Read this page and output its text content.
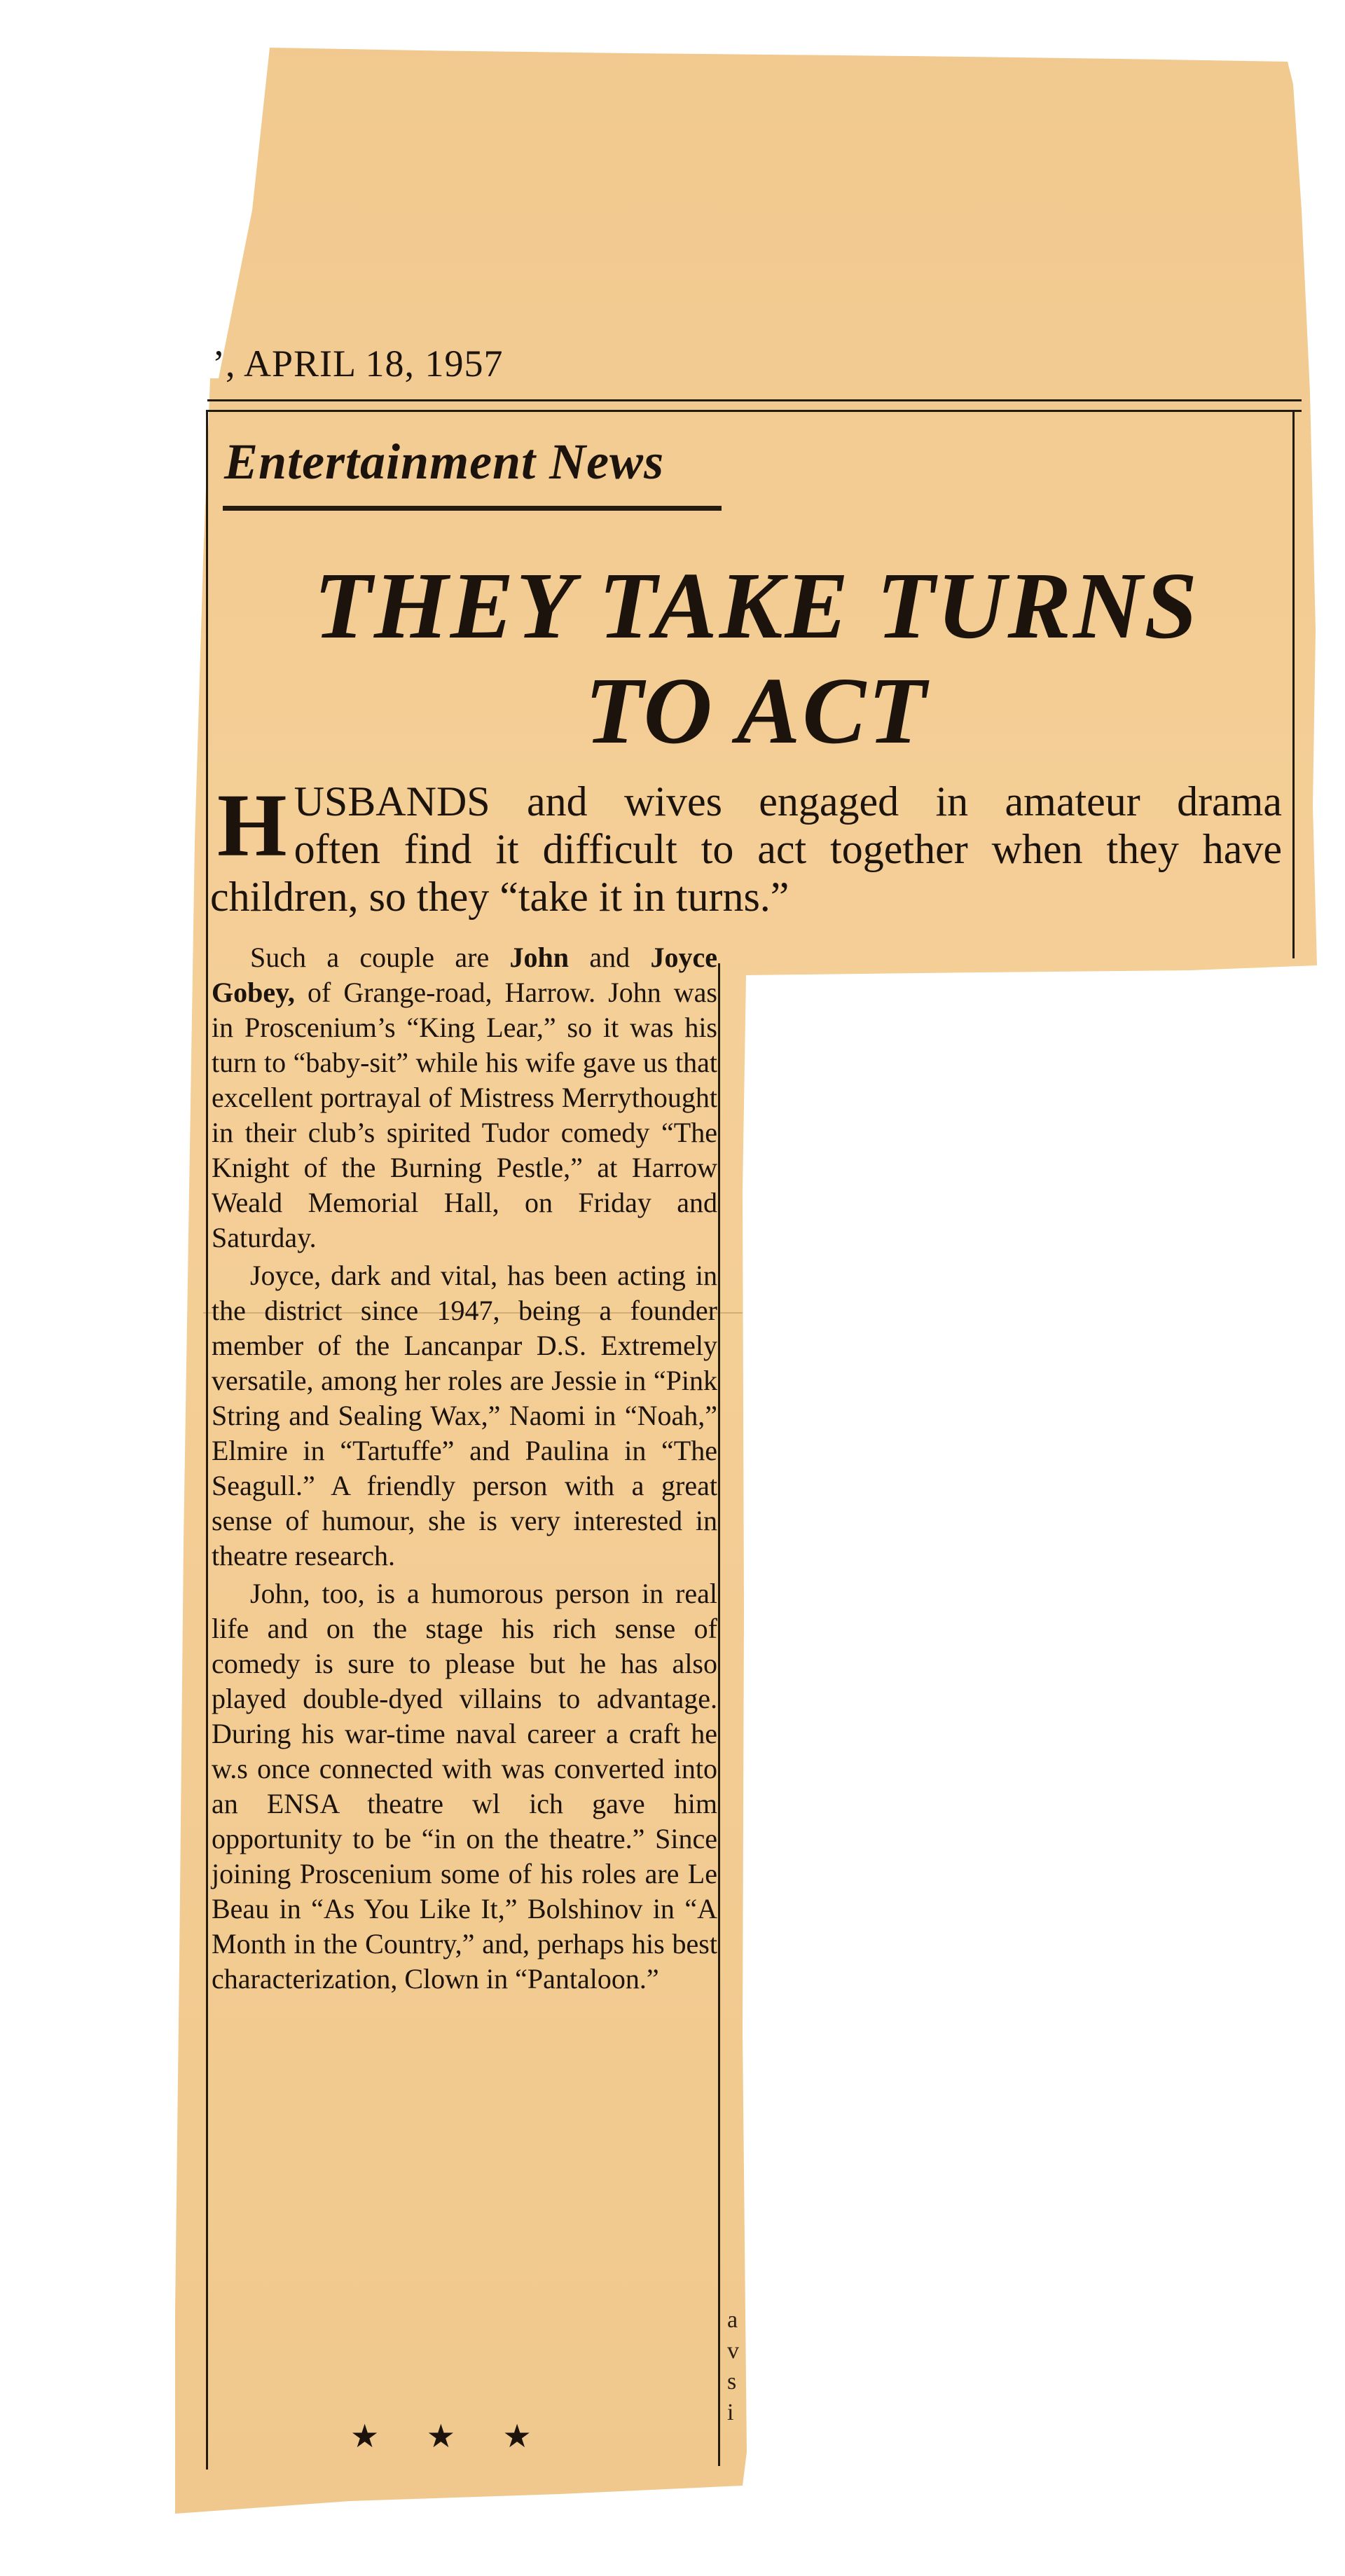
’, APRIL 18, 1957
Entertainment News
THEY TAKE TURNS
TO ACT
H USBANDS and wives engaged in amateur drama
often find it difficult to act together when they have
children, so they “take it in turns.”

Such a couple are John and Joyce Gobey, of Grange-road, Harrow. John was in Proscenium’s “King Lear,” so it was his turn to “baby-sit” while his wife gave us that excellent portrayal of Mistress Merrythought in their club’s spirited Tudor comedy “The Knight of the Burning Pestle,” at Harrow Weald Memorial Hall, on Friday and Saturday.

Joyce, dark and vital, has been acting in the district since 1947, being a founder member of the Lancanpar D.S. Extremely versatile, among her roles are Jessie in “Pink String and Sealing Wax,” Naomi in “Noah,” Elmire in “Tartuffe” and Paulina in “The Seagull.” A friendly person with a great sense of humour, she is very interested in theatre research.

John, too, is a humorous person in real life and on the stage his rich sense of comedy is sure to please but he has also played double-dyed villains to advantage. During his war-time naval career a craft he w.s once connected with was converted into an ENSA theatre wl ich gave him opportunity to be “in on the theatre.” Since joining Proscenium some of his roles are Le Beau in “As You Like It,” Bolshinov in “A Month in the Country,” and, perhaps his best characterization, Clown in “Pantaloon.”

★ ★ ★
a
v
s
i
